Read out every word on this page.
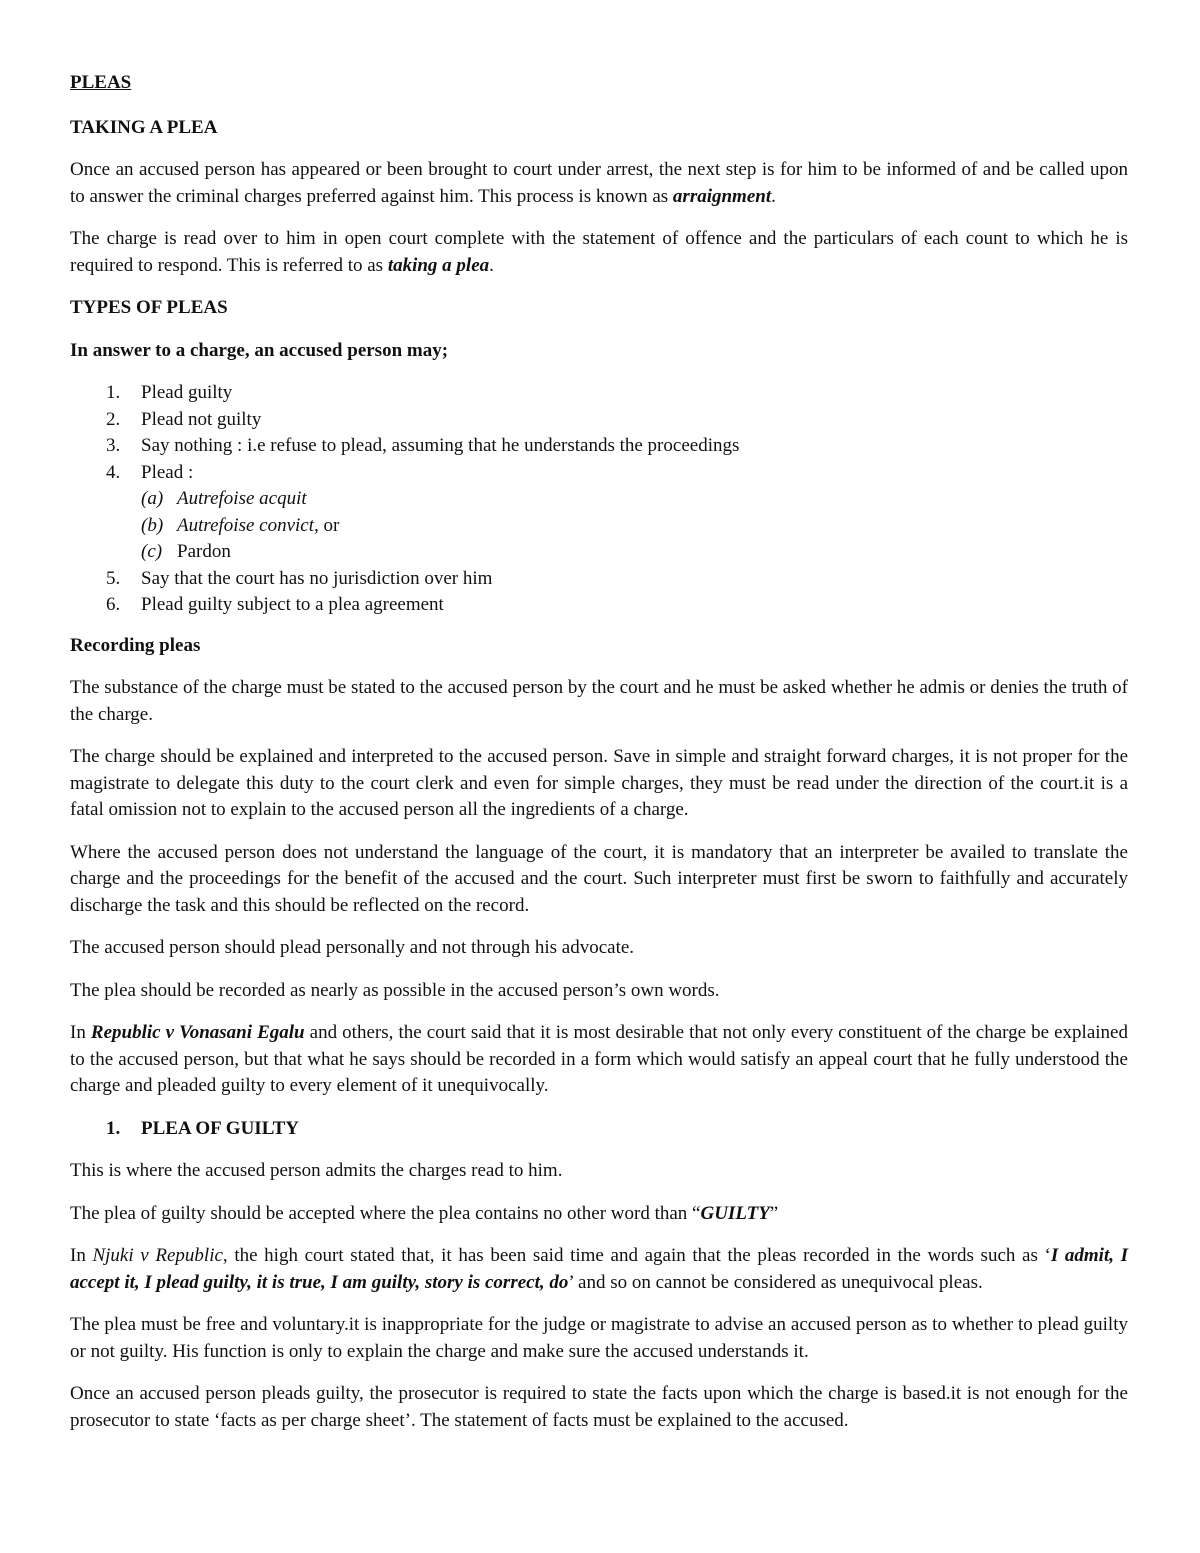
PLEAS

TAKING A PLEA

Once an accused person has appeared or been brought to court under arrest, the next step is for him to be informed of and be called upon to answer the criminal charges preferred against him. This process is known as arraignment.

The charge is read over to him in open court complete with the statement of offence and the particulars of each count to which he is required to respond. This is referred to as taking a plea.

TYPES OF PLEAS

In answer to a charge, an accused person may;

1.	Plead guilty
2.	Plead not guilty
3.	Say nothing : i.e refuse to plead, assuming that he understands the proceedings
4.	Plead :
(a) Autrefoise acquit
(b) Autrefoise convict, or
(c) Pardon
5.	Say that the court has no jurisdiction over him
6.	Plead guilty subject to a plea agreement

Recording pleas

The substance of the charge must be stated to the accused person by the court and he must be asked whether he admis or denies the truth of the charge.

The charge should be explained and interpreted to the accused person. Save in simple and straight forward charges, it is not proper for the magistrate to delegate this duty to the court clerk and even for simple charges, they must be read under the direction of the court.it is a fatal omission not to explain to the accused person all the ingredients of a charge.

Where the accused person does not understand the language of the court, it is mandatory that an interpreter be availed to translate the charge and the proceedings for the benefit of the accused and the court. Such interpreter must first be sworn to faithfully and accurately discharge the task and this should be reflected on the record.

The accused person should plead personally and not through his advocate.

The plea should be recorded as nearly as possible in the accused person’s own words.

In Republic v Vonasani Egalu and others, the court said that it is most desirable that not only every constituent of the charge be explained to the accused person, but that what he says should be recorded in a form which would satisfy an appeal court that he fully understood the charge and pleaded guilty to every element of it unequivocally.

1. PLEA OF GUILTY

This is where the accused person admits the charges read to him.

The plea of guilty should be accepted where the plea contains no other word than “GUILTY”

In Njuki v Republic, the high court stated that, it has been said time and again that the pleas recorded in the words such as ‘I admit, I accept it, I plead guilty, it is true, I am guilty, story is correct, do’ and so on cannot be considered as unequivocal pleas.

The plea must be free and voluntary.it is inappropriate for the judge or magistrate to advise an accused person as to whether to plead guilty or not guilty. His function is only to explain the charge and make sure the accused understands it.

Once an accused person pleads guilty, the prosecutor is required to state the facts upon which the charge is based.it is not enough for the prosecutor to state ‘facts as per charge sheet’. The statement of facts must be explained to the accused.
